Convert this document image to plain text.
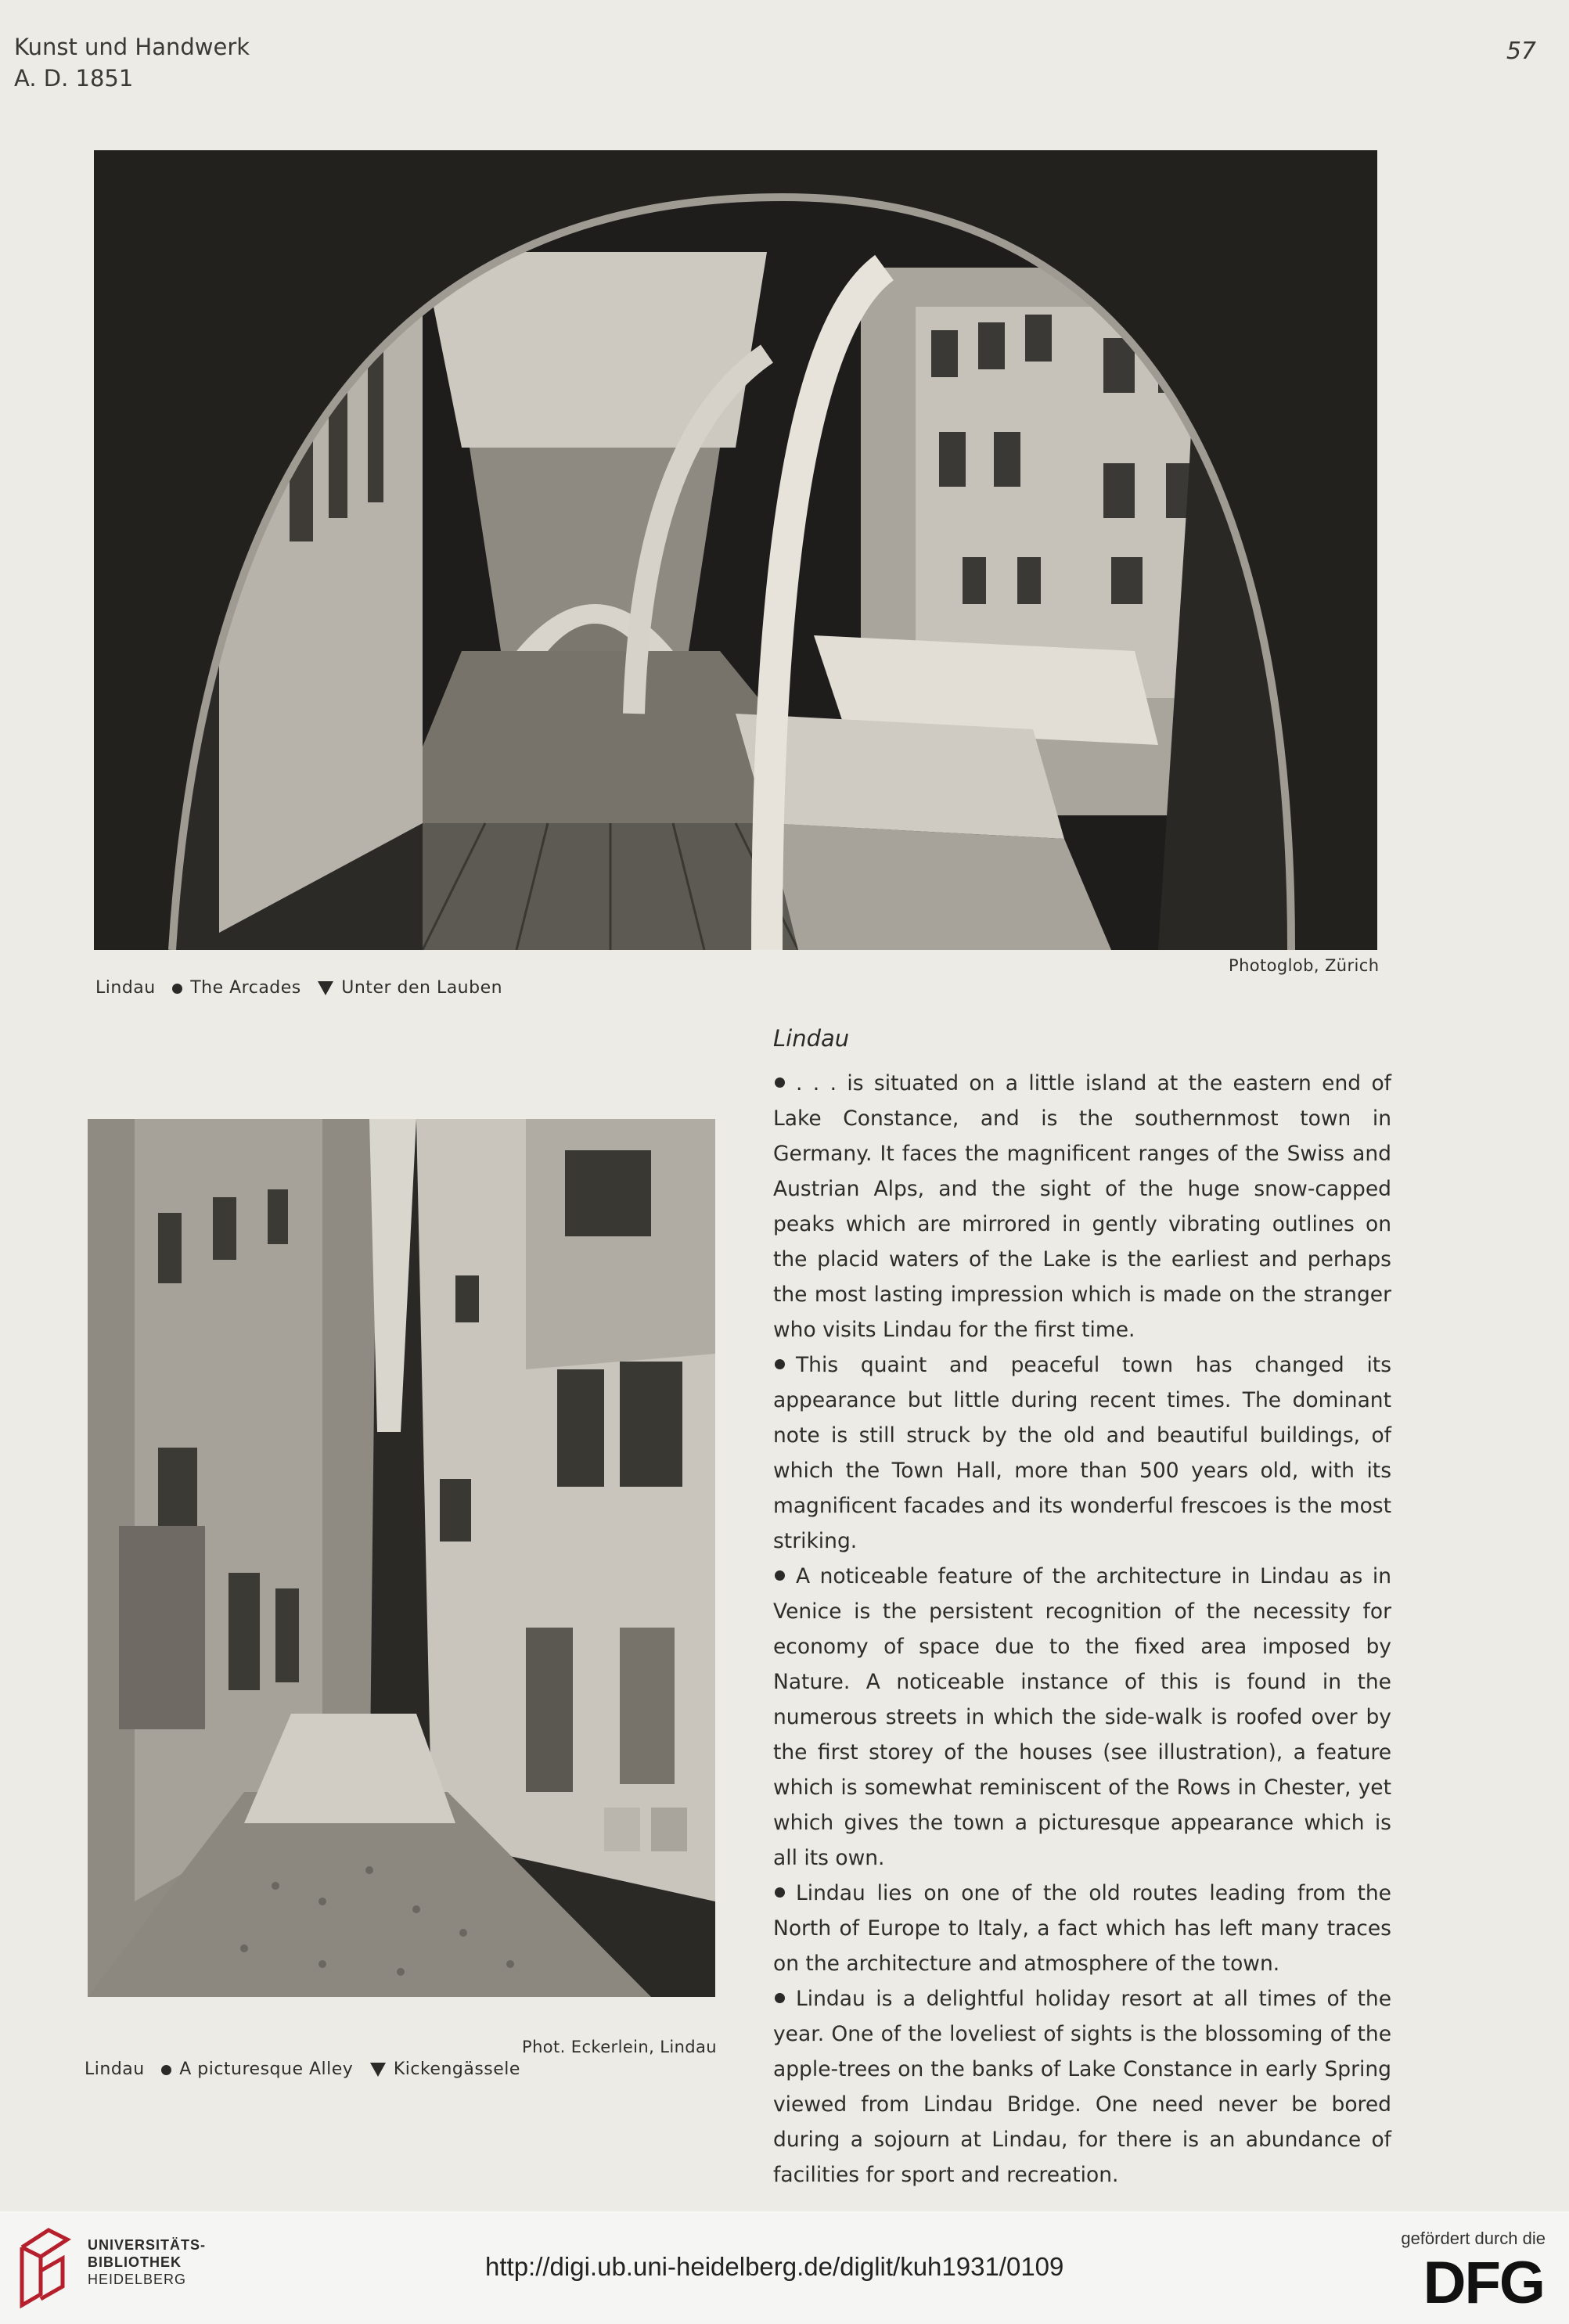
Kunst und Handwerk
A. D. 1851
57
Lindau The Arcades Unter den Lauben
Photoglob, Zürich
Phot. Eckerlein, Lindau
Lindau A picturesque Alley Kickengässele
Lindau

. . . is situated on a little island at the eastern end of Lake Constance, and is the southernmost town in Germany. It faces the magnificent ranges of the Swiss and Austrian Alps, and the sight of the huge snow-capped peaks which are mirrored in gently vibrating outlines on the placid waters of the Lake is the earliest and perhaps the most lasting impression which is made on the stranger who visits Lindau for the first time.

This quaint and peaceful town has changed its appearance but little during recent times. The dominant note is still struck by the old and beautiful buildings, of which the Town Hall, more than 500 years old, with its magnificent facades and its wonderful frescoes is the most striking.

A noticeable feature of the architecture in Lindau as in Venice is the persistent recognition of the necessity for economy of space due to the fixed area imposed by Nature. A noticeable instance of this is found in the numerous streets in which the side-walk is roofed over by the first storey of the houses (see illustration), a feature which is somewhat reminiscent of the Rows in Chester, yet which gives the town a picturesque appearance which is all its own.

Lindau lies on one of the old routes leading from the North of Europe to Italy, a fact which has left many traces on the architecture and atmosphere of the town.

Lindau is a delightful holiday resort at all times of the year. One of the loveliest of sights is the blossoming of the apple-trees on the banks of Lake Constance in early Spring viewed from Lindau Bridge. One need never be bored during a sojourn at Lindau, for there is an abundance of facilities for sport and recreation.

UNIVERSITÄTS-
BIBLIOTHEK
HEIDELBERG	http://digi.ub.uni-heidelberg.de/diglit/kuh1931/0109
gefördert durch die
DFG
